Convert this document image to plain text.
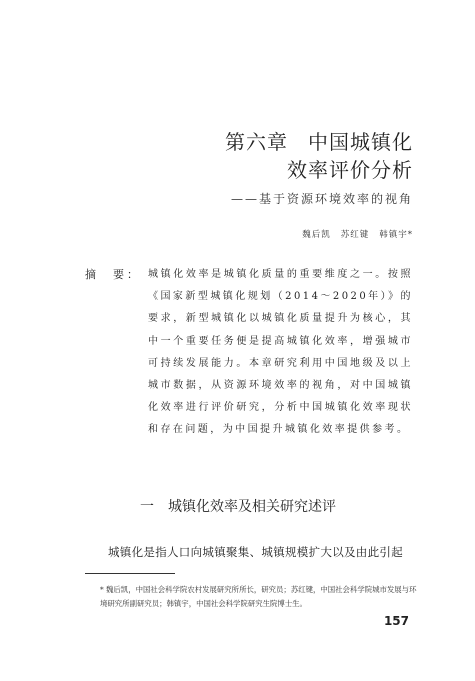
第六章 中国城镇化
效率评价分析
——基于资源环境效率的视角
魏后凯 苏红键 韩镇宇*
摘　要： 城镇化效率是城镇化质量的重要维度之一。按照《国家新型城镇化规划（2014～2020年）》的要求，新型城镇化以城镇化质量提升为核心，其中一个重要任务便是提高城镇化效率，增强城市可持续发展能力。本章研究利用中国地级及以上城市数据，从资源环境效率的视角，对中国城镇化效率进行评价研究，分析中国城镇化效率现状和存在问题，为中国提升城镇化效率提供参考。
一 城镇化效率及相关研究述评
城镇化是指人口向城镇聚集、城镇规模扩大以及由此引起
* 魏后凯，中国社会科学院农村发展研究所所长，研究员；苏红键，中国社会科学院城市发展与环境研究所副研究员；韩镇宇，中国社会科学院研究生院博士生。
157
